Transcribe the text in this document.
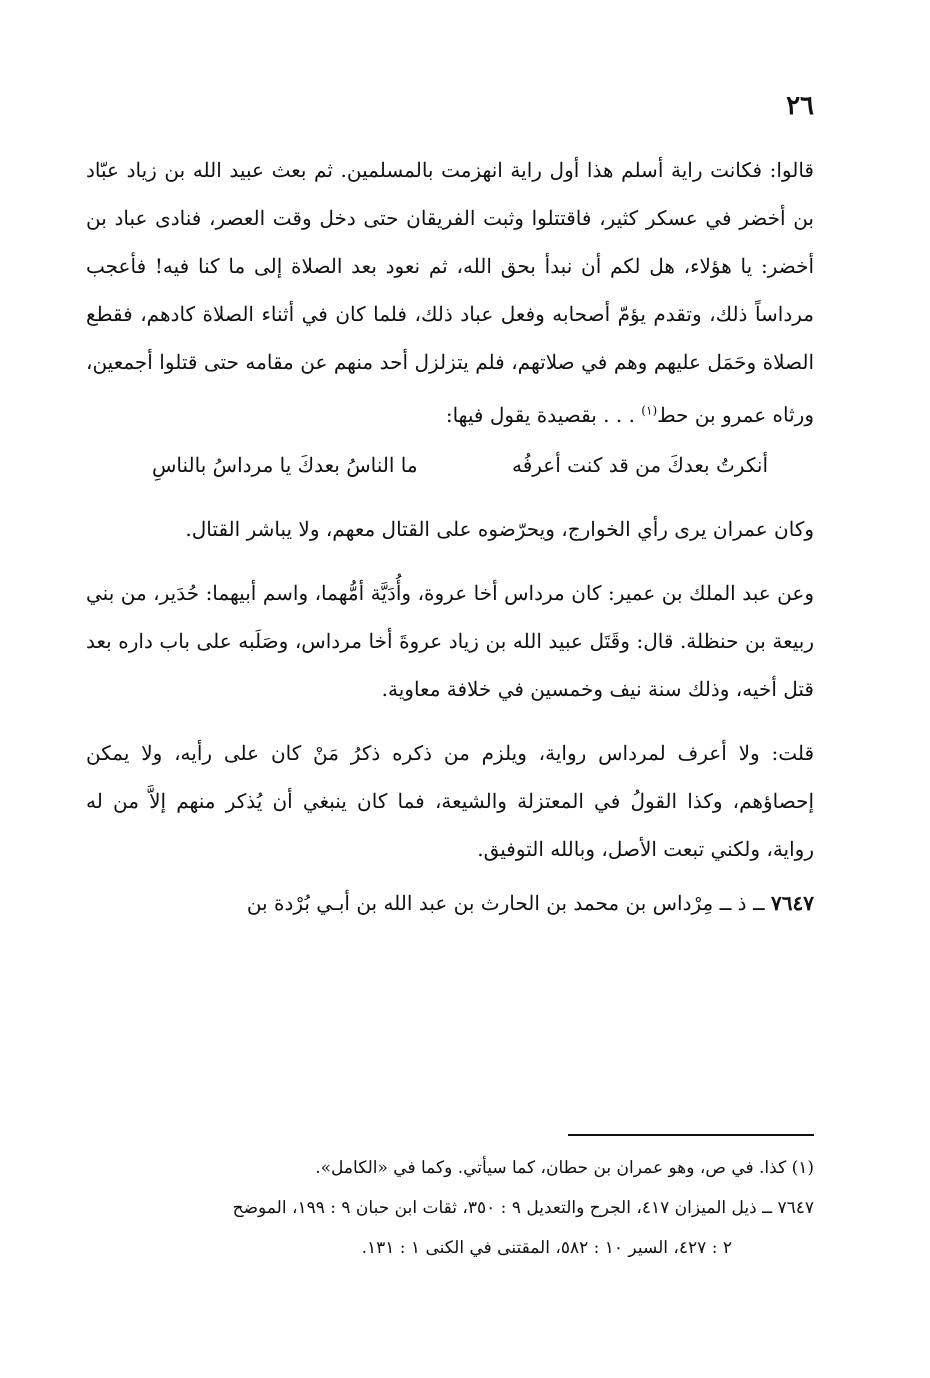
٢٦
قالوا: فكانت راية أسلم هذا أول راية انهزمت بالمسلمين. ثم بعث عبيد الله بن زياد عبّاد بن أخضر في عسكر كثير، فاقتتلوا وثبت الفريقان حتى دخل وقت العصر، فنادى عباد بن أخضر: يا هؤلاء، هل لكم أن نبدأ بحق الله، ثم نعود بعد الصلاة إلى ما كنا فيه! فأعجب مرداساً ذلك، وتقدم يؤمّ أصحابه وفعل عباد ذلك، فلما كان في أثناء الصلاة كادهم، فقطع الصلاة وحَمَل عليهم وهم في صلاتهم، فلم يتزلزل أحد منهم عن مقامه حتى قتلوا أجمعين، ورثاه عمرو بن حط$^{(١)}$ . . . بقصيدة يقول فيها:
أنكرتُ بعدكَ من قد كنت أعرفُه
ما الناسُ بعدكَ يا مرداسُ بالناسِ
وكان عمران يرى رأي الخوارج، ويحرّضوه على القتال معهم، ولا يباشر القتال.
وعن عبد الملك بن عمير: كان مرداس أخا عروة، وأُدَيَّة أمُّهما، واسم أبيهما: حُدَير، من بني ربيعة بن حنظلة. قال: وقَتَل عبيد الله بن زياد عروةَ أخا مرداس، وصَلَبه على باب داره بعد قتل أخيه، وذلك سنة نيف وخمسين في خلافة معاوية.
قلت: ولا أعرف لمرداس رواية، ويلزم من ذكره ذكرُ مَنْ كان على رأيه، ولا يمكن إحصاؤهم، وكذا القولُ في المعتزلة والشيعة، فما كان ينبغي أن يُذكر منهم إلاَّ من له رواية، ولكني تبعت الأصل، وبالله التوفيق.
٧٦٤٧ ــ ذ ــ مِرْداس بن محمد بن الحارث بن عبد الله بن أبـي بُرْدة بن
(١) كذا. في ص، وهو عمران بن حطان، كما سيأتي. وكما في «الكامل».
٧٦٤٧ ــ ذيل الميزان ٤١٧، الجرح والتعديل ٩ : ٣٥٠، ثقات ابن حبان ٩ : ١٩٩، الموضح
٢ : ٤٢٧، السير ١٠ : ٥٨٢، المقتنى في الكنى ١ : ١٣١.
